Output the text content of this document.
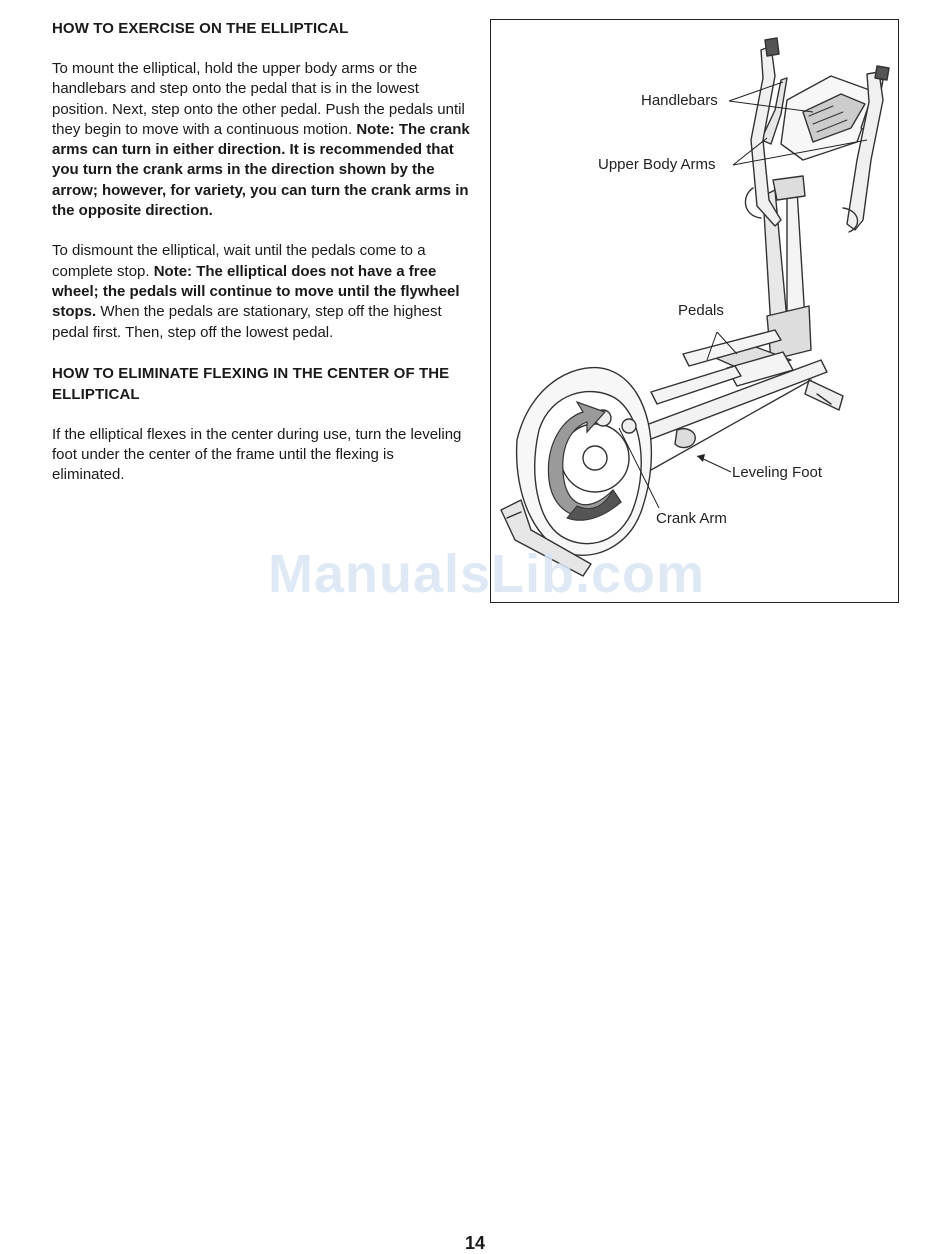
HOW TO EXERCISE ON THE ELLIPTICAL

To mount the elliptical, hold the upper body arms or the handlebars and step onto the pedal that is in the lowest position. Next, step onto the other pedal. Push the pedals until they begin to move with a continuous motion. Note: The crank arms can turn in either direction. It is recommended that you turn the crank arms in the direction shown by the arrow; however, for variety, you can turn the crank arms in the opposite direction.

To dismount the elliptical, wait until the pedals come to a complete stop. Note: The elliptical does not have a free wheel; the pedals will continue to move until the flywheel stops. When the pedals are stationary, step off the highest pedal first. Then, step off the lowest pedal.

HOW TO ELIMINATE FLEXING IN THE CENTER OF THE ELLIPTICAL

If the elliptical flexes in the center during use, turn the leveling foot under the center of the frame until the flexing is eliminated.

Handlebars
Upper Body Arms
Pedals
Leveling Foot
Crank Arm
ManualsLib.com
14
